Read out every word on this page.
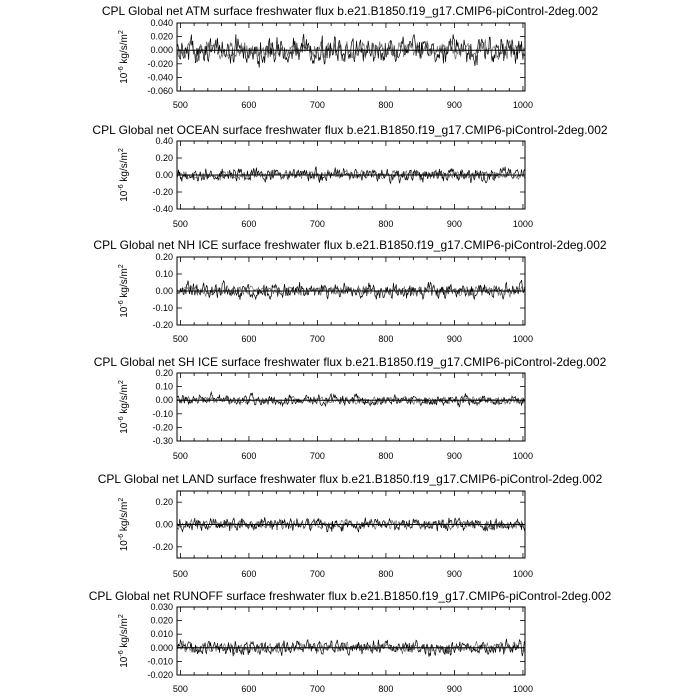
CPL Global net ATM surface freshwater flux b.e21.B1850.f19_g17.CMIP6-piControl-2deg.002
$10^{-6}$ $kg/s/m^2$
500	600	700	800	900	1000
-0.060
-0.040
-0.020
0.000
0.020
0.040
CPL Global net OCEAN surface freshwater flux b.e21.B1850.f19_g17.CMIP6-piControl-2deg.002
$10^{-6}$ $kg/s/m^2$
500	600	700	800	900	1000
-0.40
-0.20
0.00
0.20
0.40
CPL Global net NH ICE surface freshwater flux b.e21.B1850.f19_g17.CMIP6-piControl-2deg.002
$10^{-6}$ $kg/s/m^2$
500	600	700	800	900	1000
-0.20
-0.10
0.00
0.10
0.20
CPL Global net SH ICE surface freshwater flux b.e21.B1850.f19_g17.CMIP6-piControl-2deg.002
$10^{-6}$ $kg/s/m^2$
500	600	700	800	900	1000
-0.30
-0.20
-0.10
0.00
0.10
0.20
CPL Global net LAND surface freshwater flux b.e21.B1850.f19_g17.CMIP6-piControl-2deg.002
$10^{-6}$ $kg/s/m^2$
500	600	700	800	900	1000
-0.20
0.00
0.20
CPL Global net RUNOFF surface freshwater flux b.e21.B1850.f19_g17.CMIP6-piControl-2deg.002
$10^{-6}$ $kg/s/m^2$
500	600	700	800	900	1000
-0.020
-0.010
0.000
0.010
0.020
0.030
